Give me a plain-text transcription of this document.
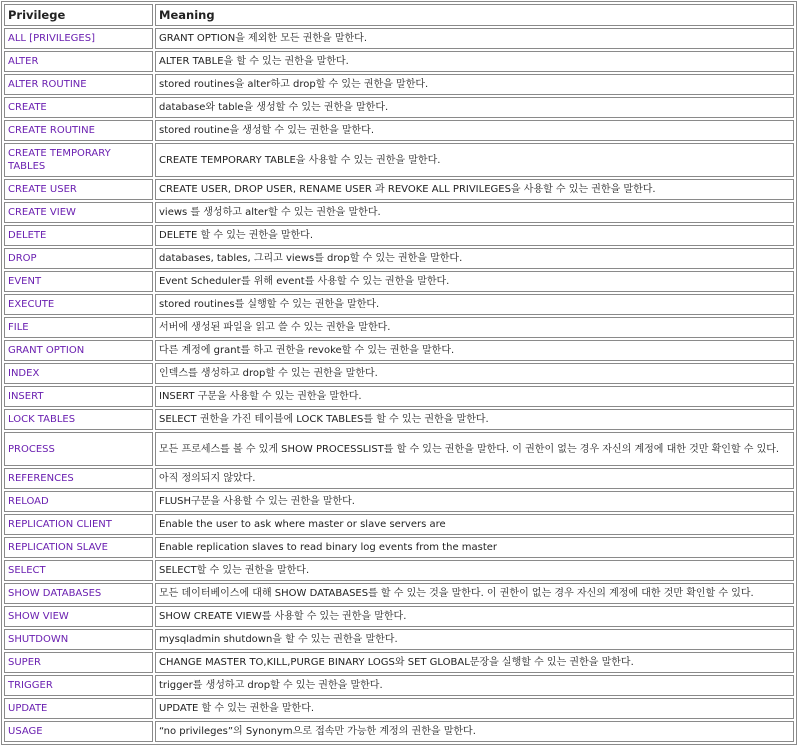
Privilege	Meaning
ALL [PRIVILEGES]	GRANT OPTION을 제외한 모든 권한을 말한다.
ALTER	ALTER TABLE을 할 수 있는 권한을 말한다.
ALTER ROUTINE	stored routines을 alter하고 drop할 수 있는 권한을 말한다.
CREATE	database와 table을 생성할 수 있는 권한을 말한다.
CREATE ROUTINE	stored routine을 생성할 수 있는 권한을 말한다.
CREATE TEMPORARY TABLES	CREATE TEMPORARY TABLE을 사용할 수 있는 권한을 말한다.
CREATE USER	CREATE USER, DROP USER, RENAME USER 과 REVOKE ALL PRIVILEGES을 사용할 수 있는 권한을 말한다.
CREATE VIEW	views 를 생성하고 alter할 수 있는 권한을 말한다.
DELETE	DELETE 할 수 있는 권한을 말한다.
DROP	databases, tables, 그리고 views를 drop할 수 있는 권한을 말한다.
EVENT	Event Scheduler를 위해 event를 사용할 수 있는 권한을 말한다.
EXECUTE	stored routines를 실행할 수 있는 권한을 말한다.
FILE	서버에 생성된 파일을 읽고 쓸 수 있는 권한을 말한다.
GRANT OPTION	다른 계정에 grant를 하고 권한을 revoke할 수 있는 권한을 말한다.
INDEX	인덱스를 생성하고 drop할 수 있는 권한을 말한다.
INSERT	INSERT 구문을 사용할 수 있는 권한을 말한다.
LOCK TABLES	SELECT 권한을 가진 테이블에 LOCK TABLES를 할 수 있는 권한을 말한다.
PROCESS	모든 프로세스를 볼 수 있게 SHOW PROCESSLIST를 할 수 있는 권한을 말한다. 이 권한이 없는 경우 자신의 계정에 대한 것만 확인할 수 있다.
REFERENCES	아직 정의되지 않았다.
RELOAD	FLUSH구문을 사용할 수 있는 권한을 말한다.
REPLICATION CLIENT	Enable the user to ask where master or slave servers are
REPLICATION SLAVE	Enable replication slaves to read binary log events from the master
SELECT	SELECT할 수 있는 권한을 말한다.
SHOW DATABASES	모든 데이터베이스에 대해 SHOW DATABASES를 할 수 있는 것을 말한다. 이 권한이 없는 경우 자신의 계정에 대한 것만 확인할 수 있다.
SHOW VIEW	SHOW CREATE VIEW를 사용할 수 있는 권한을 말한다.
SHUTDOWN	mysqladmin shutdown을 할 수 있는 권한을 말한다.
SUPER	CHANGE MASTER TO,KILL,PURGE BINARY LOGS와 SET GLOBAL문장을 실행할 수 있는 권한을 말한다.
TRIGGER	trigger를 생성하고 drop할 수 있는 권한을 말한다.
UPDATE	UPDATE 할 수 있는 권한을 말한다.
USAGE	“no privileges”의 Synonym으로 접속만 가능한 계정의 권한을 말한다.
